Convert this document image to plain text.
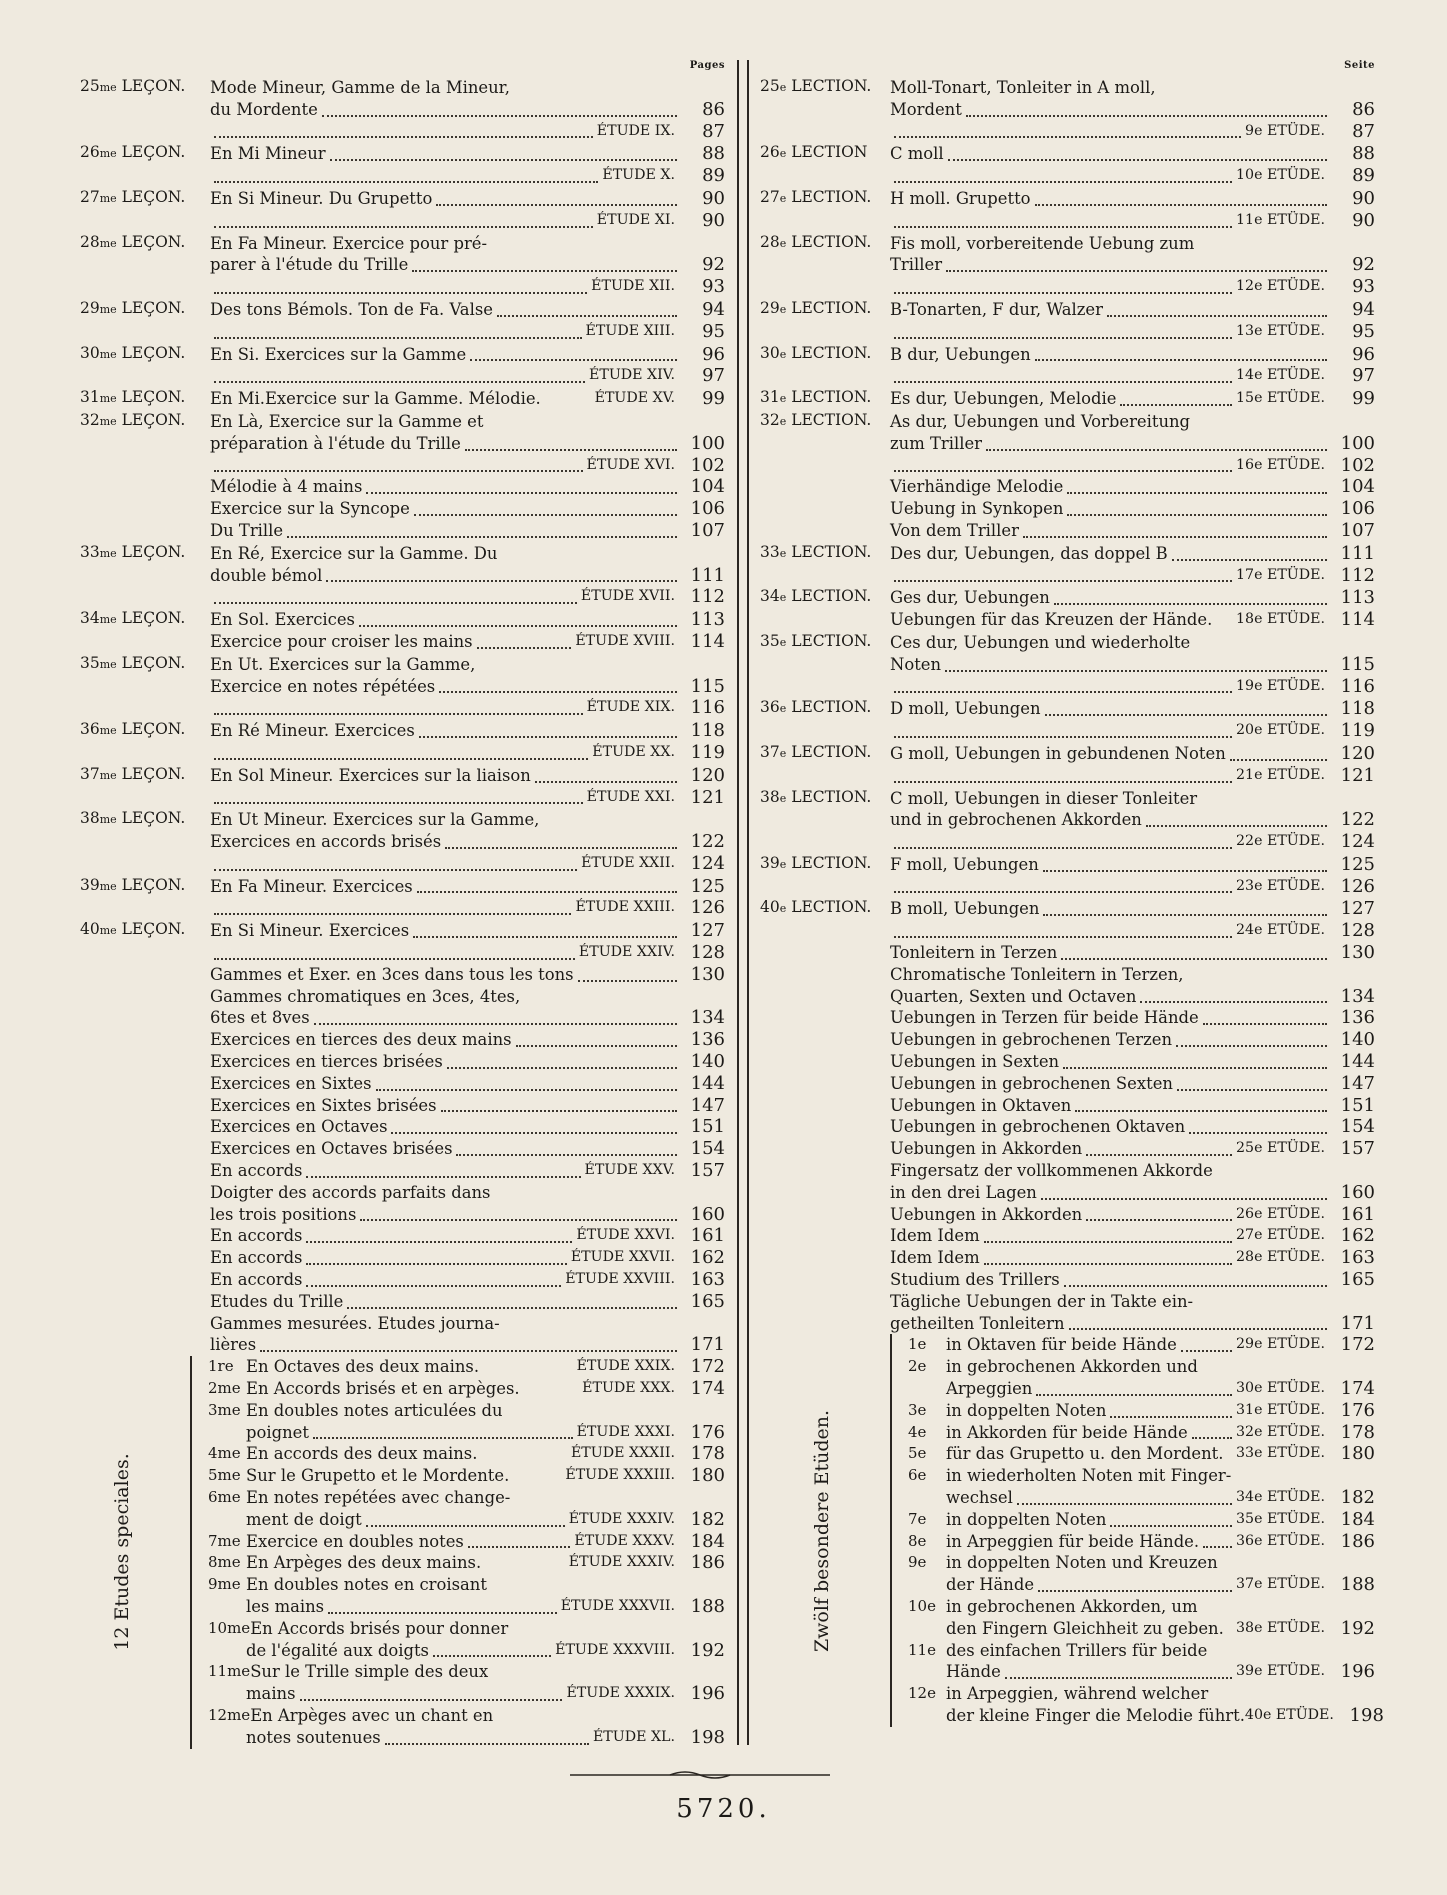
Pages
25me LEÇON.	Mode Mineur, Gamme de la Mineur,
du Mordente	86
ÉTUDE IX.	87
26me LEÇON.	En Mi Mineur	88
ÉTUDE X.	89
27me LEÇON.	En Si Mineur. Du Grupetto	90
ÉTUDE XI.	90
28me LEÇON.	En Fa Mineur. Exercice pour pré-
parer à l'étude du Trille	92
ÉTUDE XII.	93
29me LEÇON.	Des tons Bémols. Ton de Fa. Valse	94
ÉTUDE XIII.	95
30me LEÇON.	En Si. Exercices sur la Gamme	96
ÉTUDE XIV.	97
31me LEÇON.	En Mi.Exercice sur la Gamme. Mélodie.	ÉTUDE XV.	99
32me LEÇON.	En Là, Exercice sur la Gamme et
préparation à l'étude du Trille	100
ÉTUDE XVI. 102
Mélodie à 4 mains	104
Exercice sur la Syncope	106
Du Trille	107
33me LEÇON.	En Ré, Exercice sur la Gamme. Du
double bémol	111
ÉTUDE XVII. 112
34me LEÇON.	En Sol. Exercices	113
Exercice pour croiser les mains	ÉTUDE XVIII. 114
35me LEÇON.	En Ut. Exercices sur la Gamme,
Exercice en notes répétées	115
ÉTUDE XIX. 116
36me LEÇON.	En Ré Mineur. Exercices	118
ÉTUDE XX. 119
37me LEÇON.	En Sol Mineur. Exercices sur la liaison	120
ÉTUDE XXI. 121
38me LEÇON.	En Ut Mineur. Exercices sur la Gamme,
Exercices en accords brisés	122
ÉTUDE XXII. 124
39me LEÇON.	En Fa Mineur. Exercices	125
ÉTUDE XXIII. 126
40me LEÇON.	En Si Mineur. Exercices	127
ÉTUDE XXIV. 128
Gammes et Exer. en 3ces dans tous les tons	130
Gammes chromatiques en 3ces, 4tes,
6tes et 8ves	134
Exercices en tierces des deux mains	136
Exercices en tierces brisées	140
Exercices en Sixtes	144
Exercices en Sixtes brisées	147
Exercices en Octaves	151
Exercices en Octaves brisées	154
En accords	ÉTUDE XXV. 157
Doigter des accords parfaits dans
les trois positions	160
En accords	ÉTUDE XXVI. 161
En accords	ÉTUDE XXVII. 162
En accords	ÉTUDE XXVIII. 163
Etudes du Trille	165
Gammes mesurées. Etudes journa-
lières	171
12 Etudes speciales.
1re En Octaves des deux mains.	ÉTUDE XXIX. 172
2me En Accords brisés et en arpèges.	ÉTUDE XXX. 174
3me En doubles notes articulées du
poignet	ÉTUDE XXXI. 176
4me En accords des deux mains.	ÉTUDE XXXII. 178
5me Sur le Grupetto et le Mordente.	ÉTUDE XXXIII. 180
6me En notes repétées avec change-
ment de doigt	ÉTUDE XXXIV. 182
7me Exercice en doubles notes	ÉTUDE XXXV. 184
8me En Arpèges des deux mains.	ÉTUDE XXXIV. 186
9me En doubles notes en croisant
les mains	ÉTUDE XXXVII. 188
10me En Accords brisés pour donner
de l'égalité aux doigts	ÉTUDE XXXVIII. 192
11me Sur le Trille simple des deux
mains	ÉTUDE XXXIX. 196
12me En Arpèges avec un chant en
notes soutenues	ÉTUDE XL. 198
Seite
25e LECTION.	Moll-Tonart, Tonleiter in A moll,
Mordent	86
9e ETÜDE.	87
26e LECTION	C moll	88
10e ETÜDE.	89
27e LECTION.	H moll. Grupetto	90
11e ETÜDE.	90
28e LECTION.	Fis moll, vorbereitende Uebung zum
Triller	92
12e ETÜDE.	93
29e LECTION.	B-Tonarten, F dur, Walzer	94
13e ETÜDE.	95
30e LECTION.	B dur, Uebungen	96
14e ETÜDE.	97
31e LECTION.	Es dur, Uebungen, Melodie	15e ETÜDE.	99
32e LECTION.	As dur, Uebungen und Vorbereitung
zum Triller	100
16e ETÜDE. 102
Vierhändige Melodie	104
Uebung in Synkopen	106
Von dem Triller	107
33e LECTION.	Des dur, Uebungen, das doppel B	111
17e ETÜDE. 112
34e LECTION.	Ges dur, Uebungen	113
Uebungen für das Kreuzen der Hände. 18e ETÜDE. 114
35e LECTION.	Ces dur, Uebungen und wiederholte
Noten	115
19e ETÜDE. 116
36e LECTION.	D moll, Uebungen	118
20e ETÜDE. 119
37e LECTION.	G moll, Uebungen in gebundenen Noten	120
21e ETÜDE. 121
38e LECTION.	C moll, Uebungen in dieser Tonleiter
und in gebrochenen Akkorden	122
22e ETÜDE. 124
39e LECTION.	F moll, Uebungen	125
23e ETÜDE. 126
40e LECTION.	B moll, Uebungen	127
24e ETÜDE. 128
Tonleitern in Terzen	130
Chromatische Tonleitern in Terzen,
Quarten, Sexten und Octaven	134
Uebungen in Terzen für beide Hände	136
Uebungen in gebrochenen Terzen	140
Uebungen in Sexten	144
Uebungen in gebrochenen Sexten	147
Uebungen in Oktaven	151
Uebungen in gebrochenen Oktaven	154
Uebungen in Akkorden	25e ETÜDE. 157
Fingersatz der vollkommenen Akkorde
in den drei Lagen	160
Uebungen in Akkorden	26e ETÜDE. 161
Idem Idem	27e ETÜDE. 162
Idem Idem	28e ETÜDE. 163
Studium des Trillers	165
Tägliche Uebungen der in Takte ein-
getheilten Tonleitern	171
Zwölf besondere Etüden.
1e	in Oktaven für beide Hände	29e ETÜDE. 172
2e	in gebrochenen Akkorden und
Arpeggien	30e ETÜDE. 174
3e	in doppelten Noten	31e ETÜDE. 176
4e	in Akkorden für beide Hände	32e ETÜDE. 178
5e	für das Grupetto u. den Mordent. 33e ETÜDE. 180
6e	in wiederholten Noten mit Finger-
wechsel	34e ETÜDE. 182
7e	in doppelten Noten	35e ETÜDE. 184
8e	in Arpeggien für beide Hände.	36e ETÜDE. 186
9e	in doppelten Noten und Kreuzen
der Hände	37e ETÜDE. 188
10e in gebrochenen Akkorden, um
den Fingern Gleichheit zu geben. 38e ETÜDE. 192
11e des einfachen Trillers für beide
Hände	39e ETÜDE. 196
12e in Arpeggien, während welcher
der kleine Finger die Melodie führt. 40e ETÜDE. 198
5720.
